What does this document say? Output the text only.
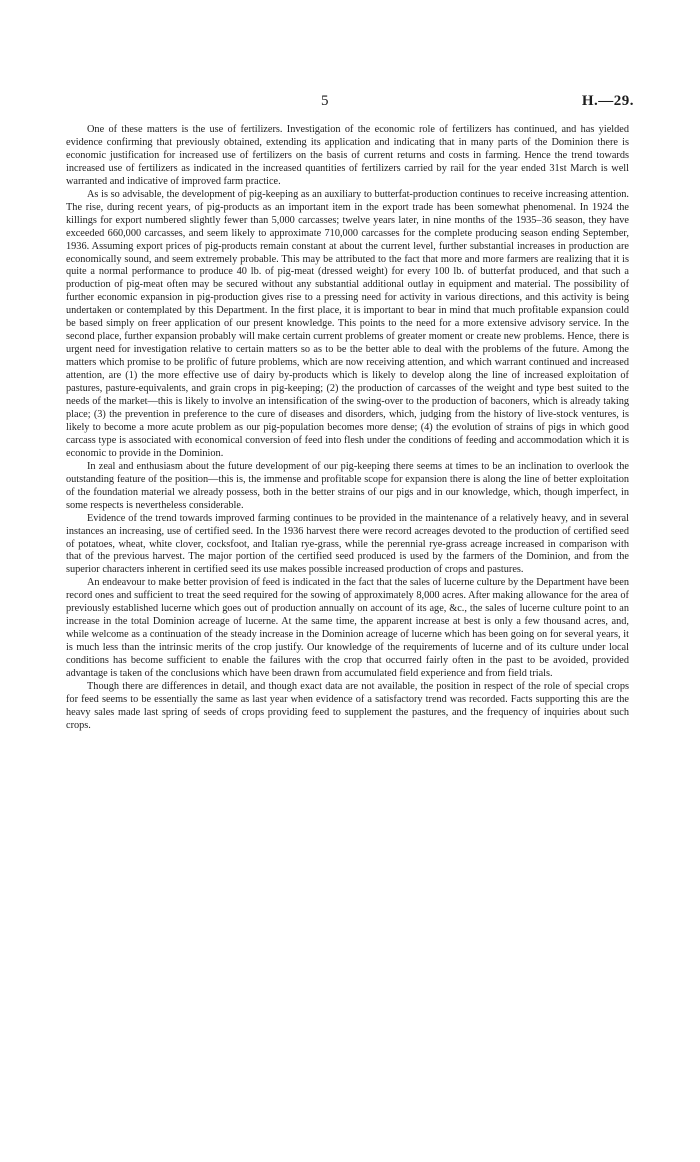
5	H.—29.

One of these matters is the use of fertilizers. Investigation of the economic role of fertilizers has continued, and has yielded evidence confirming that previously obtained, extending its application and indicating that in many parts of the Dominion there is economic justification for increased use of fertilizers on the basis of current returns and costs in farming. Hence the trend towards increased use of fertilizers as indicated in the increased quantities of fertilizers carried by rail for the year ended 31st March is well warranted and indicative of improved farm practice.

As is so advisable, the development of pig-keeping as an auxiliary to butterfat-production continues to receive increasing attention. The rise, during recent years, of pig-products as an important item in the export trade has been somewhat phenomenal. In 1924 the killings for export numbered slightly fewer than 5,000 carcasses; twelve years later, in nine months of the 1935–36 season, they have exceeded 660,000 carcasses, and seem likely to approximate 710,000 carcasses for the complete producing season ending September, 1936. Assuming export prices of pig-products remain constant at about the current level, further substantial increases in production are economically sound, and seem extremely probable. This may be attributed to the fact that more and more farmers are realizing that it is quite a normal performance to produce 40 lb. of pig-meat (dressed weight) for every 100 lb. of butterfat produced, and that such a production of pig-meat often may be secured without any substantial additional outlay in equipment and material. The possibility of further economic expansion in pig-production gives rise to a pressing need for activity in various directions, and this activity is being undertaken or contemplated by this Department. In the first place, it is important to bear in mind that much profitable expansion could be based simply on freer application of our present knowledge. This points to the need for a more extensive advisory service. In the second place, further expansion probably will make certain current problems of greater moment or create new problems. Hence, there is urgent need for investigation relative to certain matters so as to be the better able to deal with the problems of the future. Among the matters which promise to be prolific of future problems, which are now receiving attention, and which warrant continued and increased attention, are (1) the more effective use of dairy by-products which is likely to develop along the line of increased exploitation of pastures, pasture-equivalents, and grain crops in pig-keeping; (2) the production of carcasses of the weight and type best suited to the needs of the market—this is likely to involve an intensification of the swing-over to the production of baconers, which is already taking place; (3) the prevention in preference to the cure of diseases and disorders, which, judging from the history of live-stock ventures, is likely to become a more acute problem as our pig-population becomes more dense; (4) the evolution of strains of pigs in which good carcass type is associated with economical conversion of feed into flesh under the conditions of feeding and accommodation which it is economic to provide in the Dominion.

In zeal and enthusiasm about the future development of our pig-keeping there seems at times to be an inclination to overlook the outstanding feature of the position—this is, the immense and profitable scope for expansion there is along the line of better exploitation of the foundation material we already possess, both in the better strains of our pigs and in our knowledge, which, though imperfect, in some respects is nevertheless considerable.

Evidence of the trend towards improved farming continues to be provided in the maintenance of a relatively heavy, and in several instances an increasing, use of certified seed. In the 1936 harvest there were record acreages devoted to the production of certified seed of potatoes, wheat, white clover, cocksfoot, and Italian rye-grass, while the perennial rye-grass acreage increased in comparison with that of the previous harvest. The major portion of the certified seed produced is used by the farmers of the Dominion, and from the superior characters inherent in certified seed its use makes possible increased production of crops and pastures.

An endeavour to make better provision of feed is indicated in the fact that the sales of lucerne culture by the Department have been record ones and sufficient to treat the seed required for the sowing of approximately 8,000 acres. After making allowance for the area of previously established lucerne which goes out of production annually on account of its age, &c., the sales of lucerne culture point to an increase in the total Dominion acreage of lucerne. At the same time, the apparent increase at best is only a few thousand acres, and, while welcome as a continuation of the steady increase in the Dominion acreage of lucerne which has been going on for several years, it is much less than the intrinsic merits of the crop justify. Our knowledge of the requirements of lucerne and of its culture under local conditions has become sufficient to enable the failures with the crop that occurred fairly often in the past to be avoided, provided advantage is taken of the conclusions which have been drawn from accumulated field experience and from field trials.

Though there are differences in detail, and though exact data are not available, the position in respect of the role of special crops for feed seems to be essentially the same as last year when evidence of a satisfactory trend was recorded. Facts supporting this are the heavy sales made last spring of seeds of crops providing feed to supplement the pastures, and the frequency of inquiries about such crops.
